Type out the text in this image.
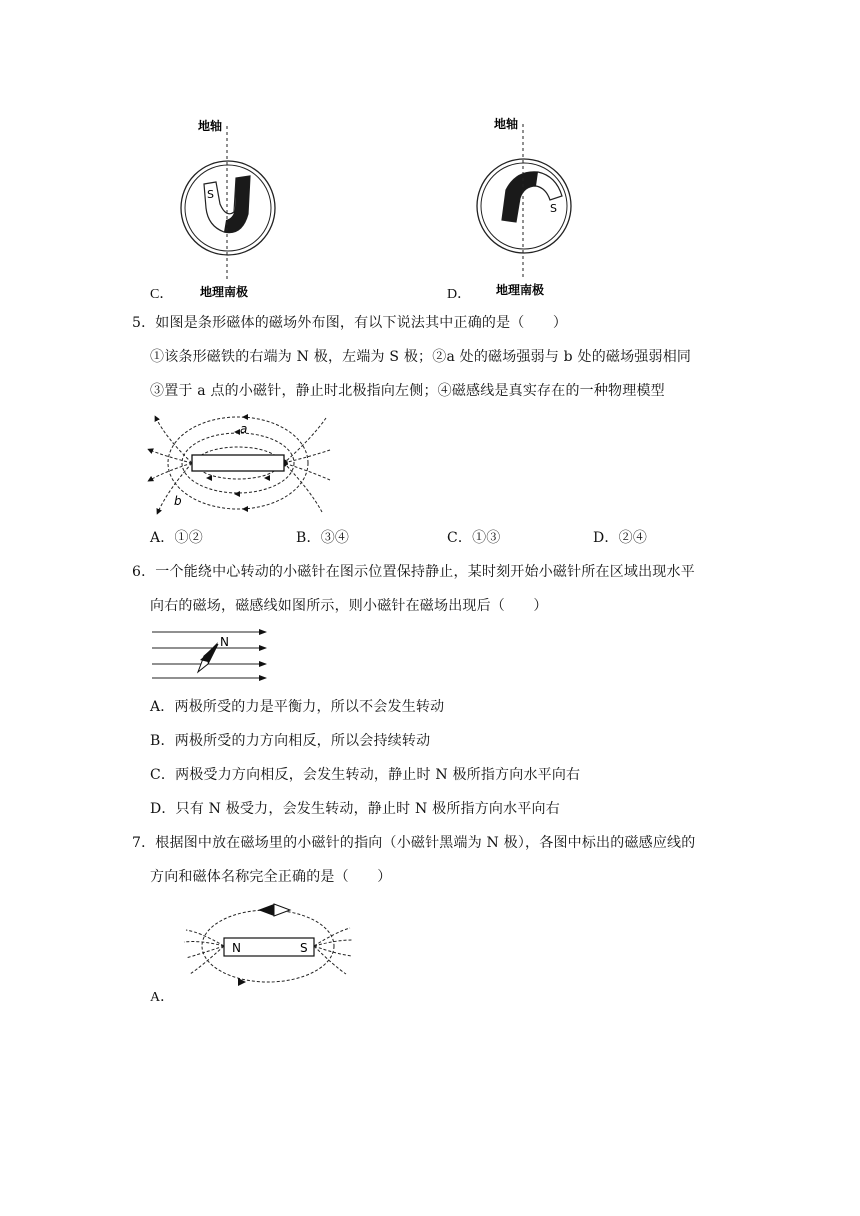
地轴
S
地理南极
C．
地轴
S
地理南极
D．
5．如图是条形磁体的磁场外布图，有以下说法其中正确的是（　　）
①该条形磁铁的右端为 N 极，左端为 S 极；②a 处的磁场强弱与 b 处的磁场强弱相同
③置于 a 点的小磁针，静止时北极指向左侧；④磁感线是真实存在的一种物理模型
a
b
A．①②	B．③④	C．①③	D．②④
6．一个能绕中心转动的小磁针在图示位置保持静止，某时刻开始小磁针所在区域出现水平
向右的磁场，磁感线如图所示，则小磁针在磁场出现后（　　）
N
A．两极所受的力是平衡力，所以不会发生转动
B．两极所受的力方向相反，所以会持续转动
C．两极受力方向相反，会发生转动，静止时 N 极所指方向水平向右
D．只有 N 极受力，会发生转动，静止时 N 极所指方向水平向右
7．根据图中放在磁场里的小磁针的指向（小磁针黑端为 N 极），各图中标出的磁感应线的
方向和磁体名称完全正确的是（　　）
N	S
A．
